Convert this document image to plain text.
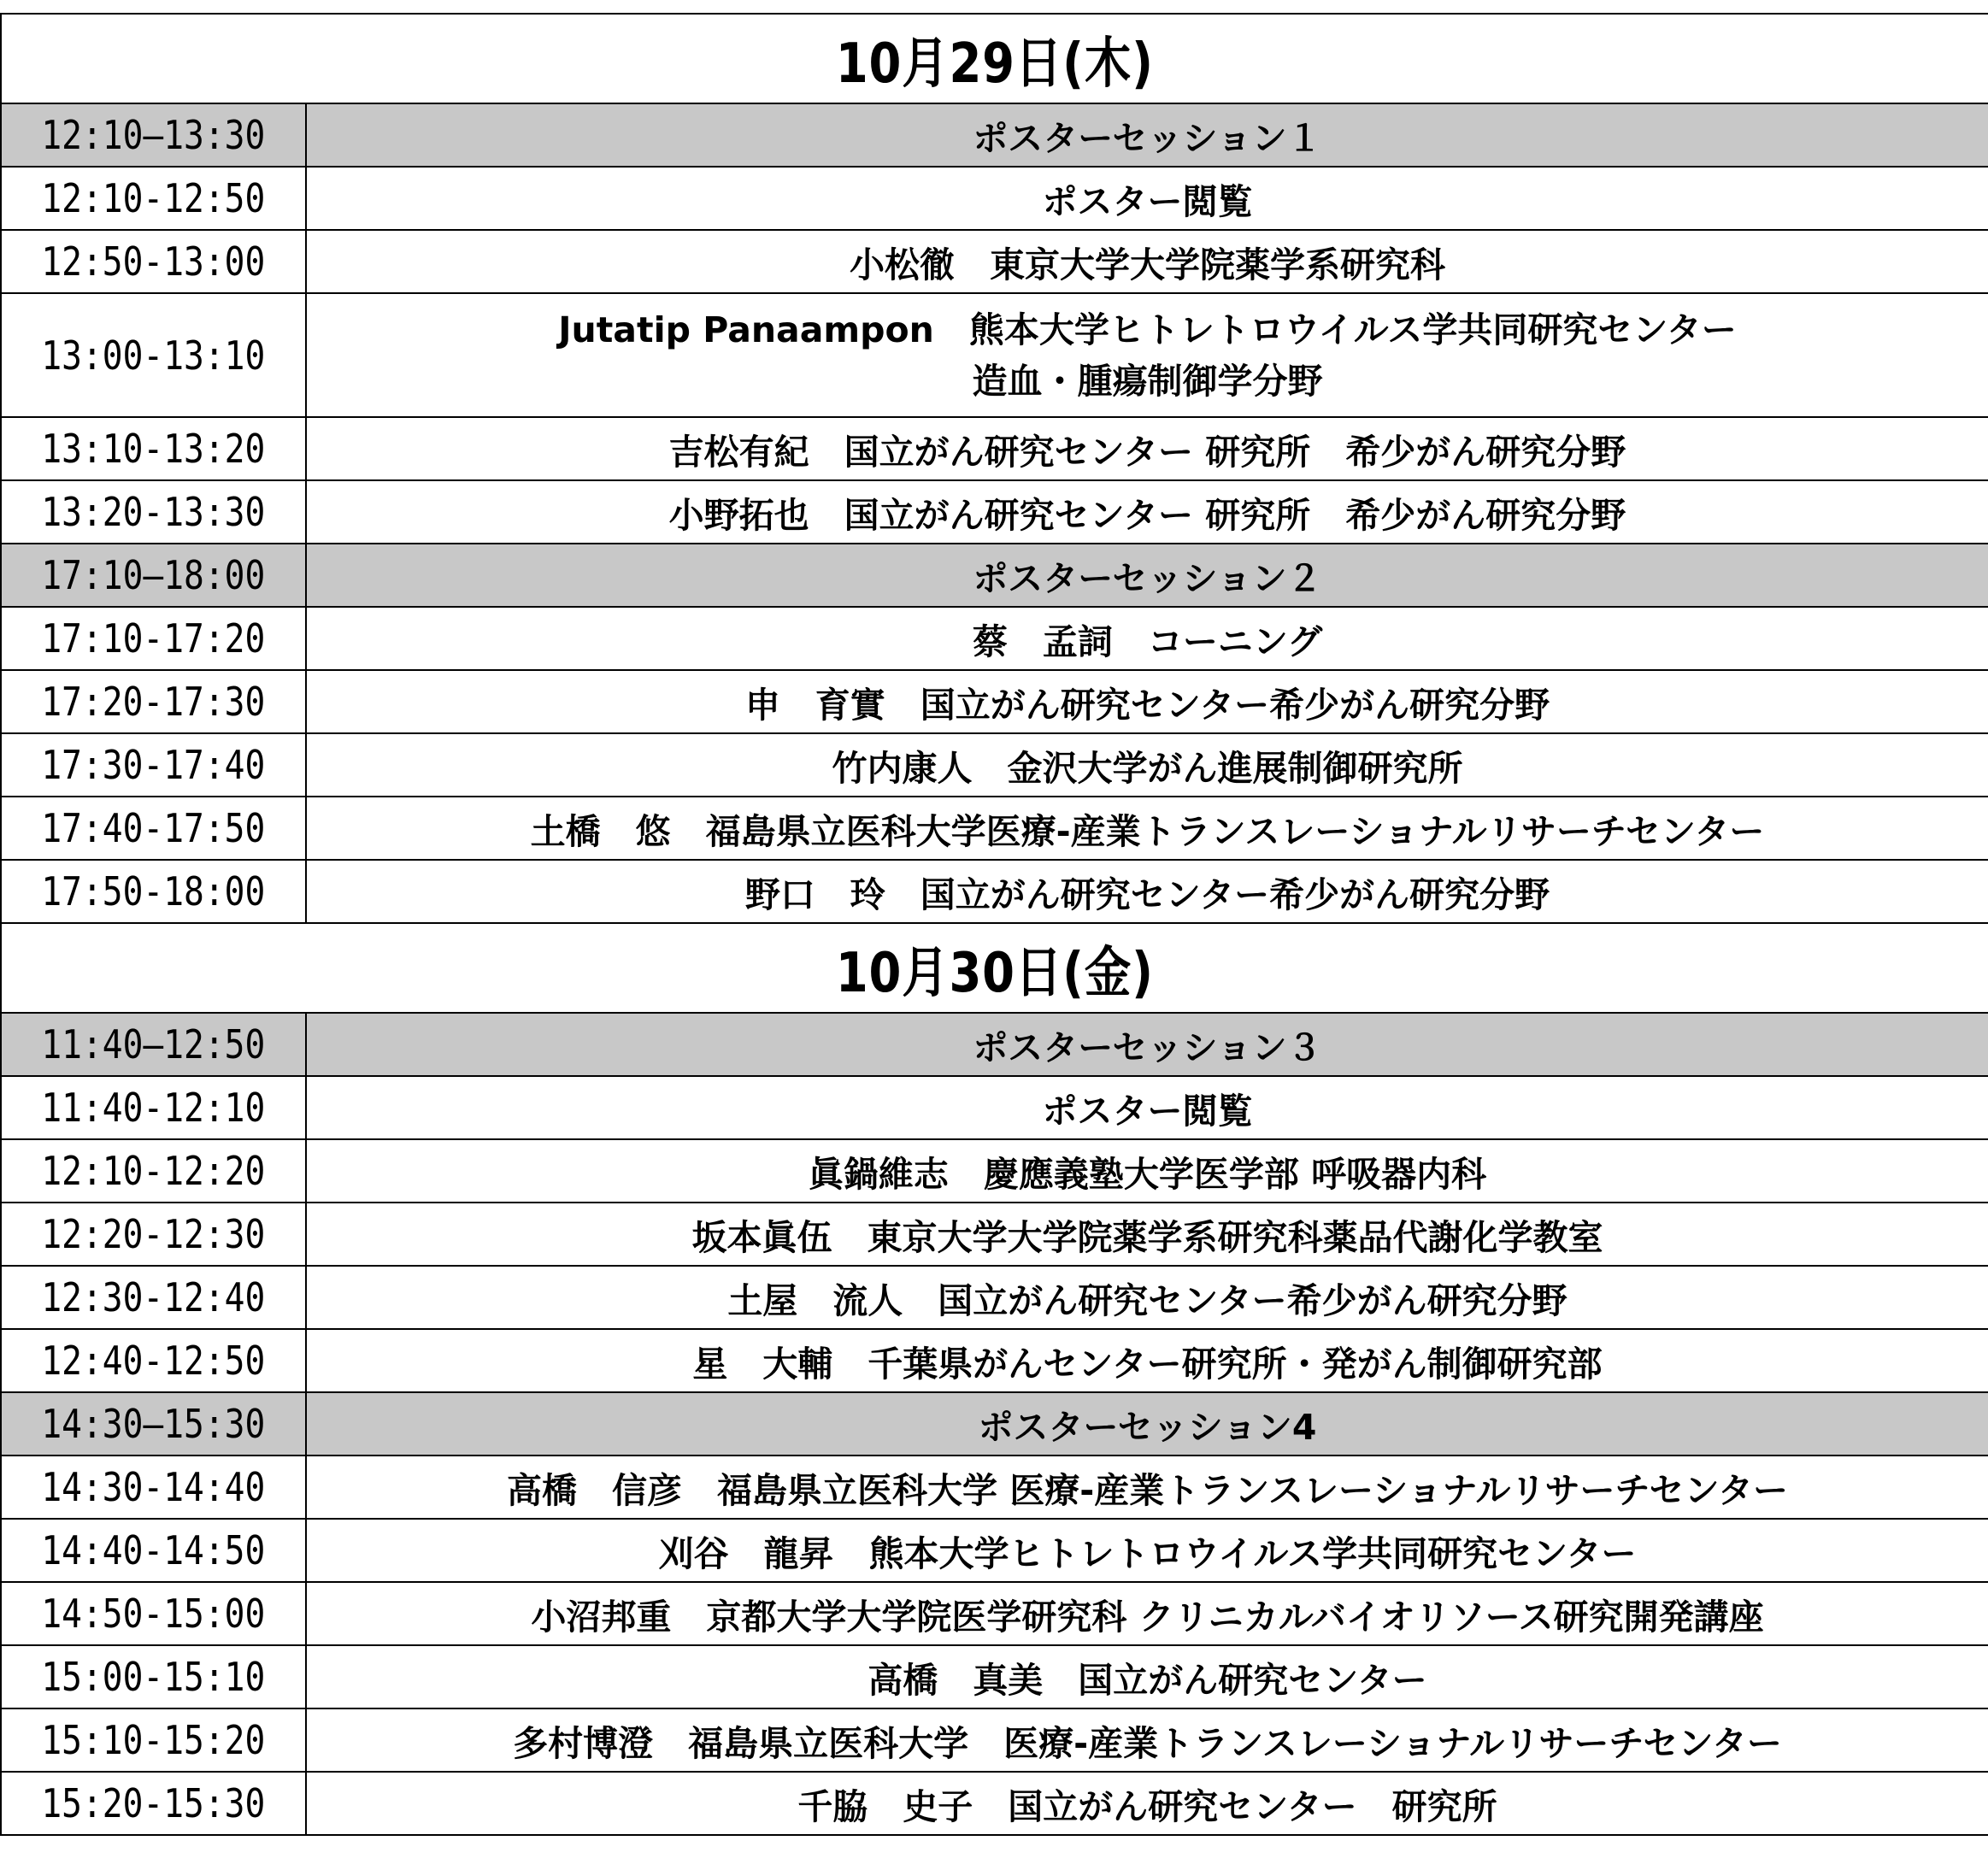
10月29日(木)	
12:10—13:30	ポスターセッション１
12:10-12:50	ポスター閲覧
12:50-13:00	小松徹　東京大学大学院薬学系研究科
13:00-13:10	Jutatip Panaampon　熊本大学ヒトレトロウイルス学共同研究センター
造血・腫瘍制御学分野

13:10-13:20	吉松有紀　国立がん研究センター 研究所　希少がん研究分野
13:20-13:30	小野拓也　国立がん研究センター 研究所　希少がん研究分野
17:10—18:00	ポスターセッション２
17:10-17:20	蔡　孟詞　コーニング
17:20-17:30	申　育實　国立がん研究センター希少がん研究分野
17:30-17:40	竹内康人　金沢大学がん進展制御研究所
17:40-17:50	土橋　悠　福島県立医科大学医療-産業トランスレーショナルリサーチセンター
17:50-18:00	野口　玲　国立がん研究センター希少がん研究分野
10月30日(金)	
11:40—12:50	ポスターセッション３
11:40-12:10	ポスター閲覧
12:10-12:20	眞鍋維志　慶應義塾大学医学部 呼吸器内科
12:20-12:30	坂本眞伍　東京大学大学院薬学系研究科薬品代謝化学教室
12:30-12:40	土屋　流人　国立がん研究センター希少がん研究分野
12:40-12:50	星　大輔　千葉県がんセンター研究所・発がん制御研究部
14:30—15:30	ポスターセッション4
14:30-14:40	高橋　信彦　福島県立医科大学 医療-産業トランスレーショナルリサーチセンター
14:40-14:50	刈谷　龍昇　熊本大学ヒトレトロウイルス学共同研究センター
14:50-15:00	小沼邦重　京都大学大学院医学研究科 クリニカルバイオリソース研究開発講座
15:00-15:10	高橋　真美　国立がん研究センター
15:10-15:20	多村博澄　福島県立医科大学　医療-産業トランスレーショナルリサーチセンター
15:20-15:30	千脇　史子　国立がん研究センター　研究所
